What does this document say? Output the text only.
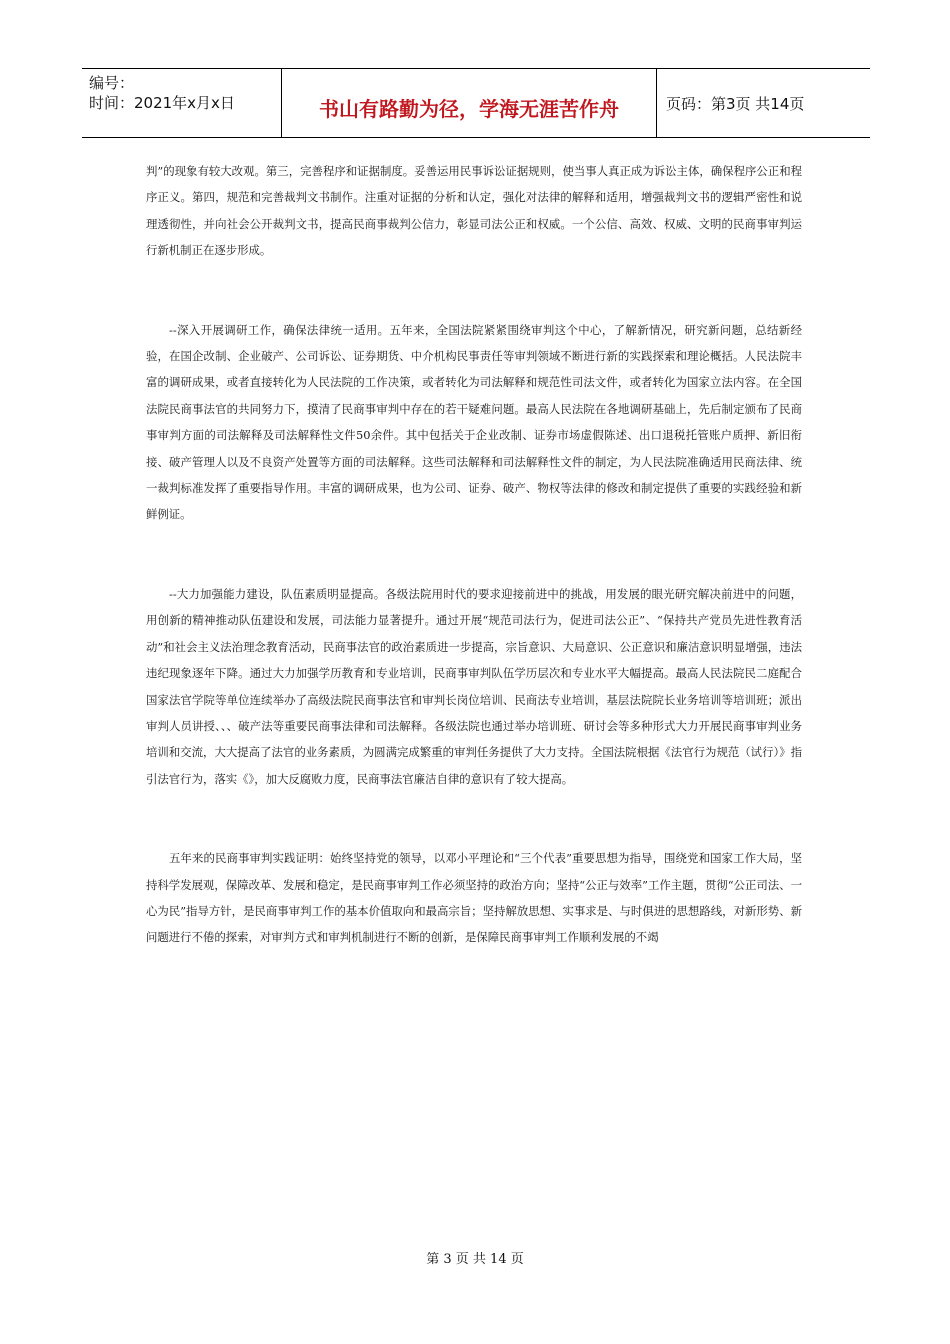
编号：
时间：2021年x月x日	书山有路勤为径，学海无涯苦作舟	页码：第3页 共14页

判”的现象有较大改观。第三，完善程序和证据制度。妥善运用民事诉讼证据规则，使当事人真正成为诉讼主体，确保程序公正和程序正义。第四，规范和完善裁判文书制作。注重对证据的分析和认定，强化对法律的解释和适用，增强裁判文书的逻辑严密性和说理透彻性，并向社会公开裁判文书，提高民商事裁判公信力，彰显司法公正和权威。一个公信、高效、权威、文明的民商事审判运行新机制正在逐步形成。

--深入开展调研工作，确保法律统一适用。五年来，全国法院紧紧围绕审判这个中心，了解新情况，研究新问题，总结新经验，在国企改制、企业破产、公司诉讼、证券期货、中介机构民事责任等审判领域不断进行新的实践探索和理论概括。人民法院丰富的调研成果，或者直接转化为人民法院的工作决策，或者转化为司法解释和规范性司法文件，或者转化为国家立法内容。在全国法院民商事法官的共同努力下，摸清了民商事审判中存在的若干疑难问题。最高人民法院在各地调研基础上，先后制定颁布了民商事审判方面的司法解释及司法解释性文件50余件。其中包括关于企业改制、证券市场虚假陈述、出口退税托管账户质押、新旧衔接、破产管理人以及不良资产处置等方面的司法解释。这些司法解释和司法解释性文件的制定，为人民法院准确适用民商法律、统一裁判标准发挥了重要指导作用。丰富的调研成果，也为公司、证券、破产、物权等法律的修改和制定提供了重要的实践经验和新鲜例证。

--大力加强能力建设，队伍素质明显提高。各级法院用时代的要求迎接前进中的挑战，用发展的眼光研究解决前进中的问题，用创新的精神推动队伍建设和发展，司法能力显著提升。通过开展“规范司法行为，促进司法公正”、“保持共产党员先进性教育活动”和社会主义法治理念教育活动，民商事法官的政治素质进一步提高，宗旨意识、大局意识、公正意识和廉洁意识明显增强，违法违纪现象逐年下降。通过大力加强学历教育和专业培训，民商事审判队伍学历层次和专业水平大幅提高。最高人民法院民二庭配合国家法官学院等单位连续举办了高级法院民商事法官和审判长岗位培训、民商法专业培训，基层法院院长业务培训等培训班；派出审判人员讲授、、、破产法等重要民商事法律和司法解释。各级法院也通过举办培训班、研讨会等多种形式大力开展民商事审判业务培训和交流，大大提高了法官的业务素质，为圆满完成繁重的审判任务提供了大力支持。全国法院根据《法官行为规范（试行）》指引法官行为，落实《》，加大反腐败力度，民商事法官廉洁自律的意识有了较大提高。

五年来的民商事审判实践证明：始终坚持党的领导，以邓小平理论和“三个代表”重要思想为指导，围绕党和国家工作大局，坚持科学发展观，保障改革、发展和稳定，是民商事审判工作必须坚持的政治方向；坚持“公正与效率”工作主题，贯彻“公正司法、一心为民”指导方针，是民商事审判工作的基本价值取向和最高宗旨；坚持解放思想、实事求是、与时俱进的思想路线，对新形势、新问题进行不倦的探索，对审判方式和审判机制进行不断的创新，是保障民商事审判工作顺利发展的不竭

第 3 页 共 14 页
